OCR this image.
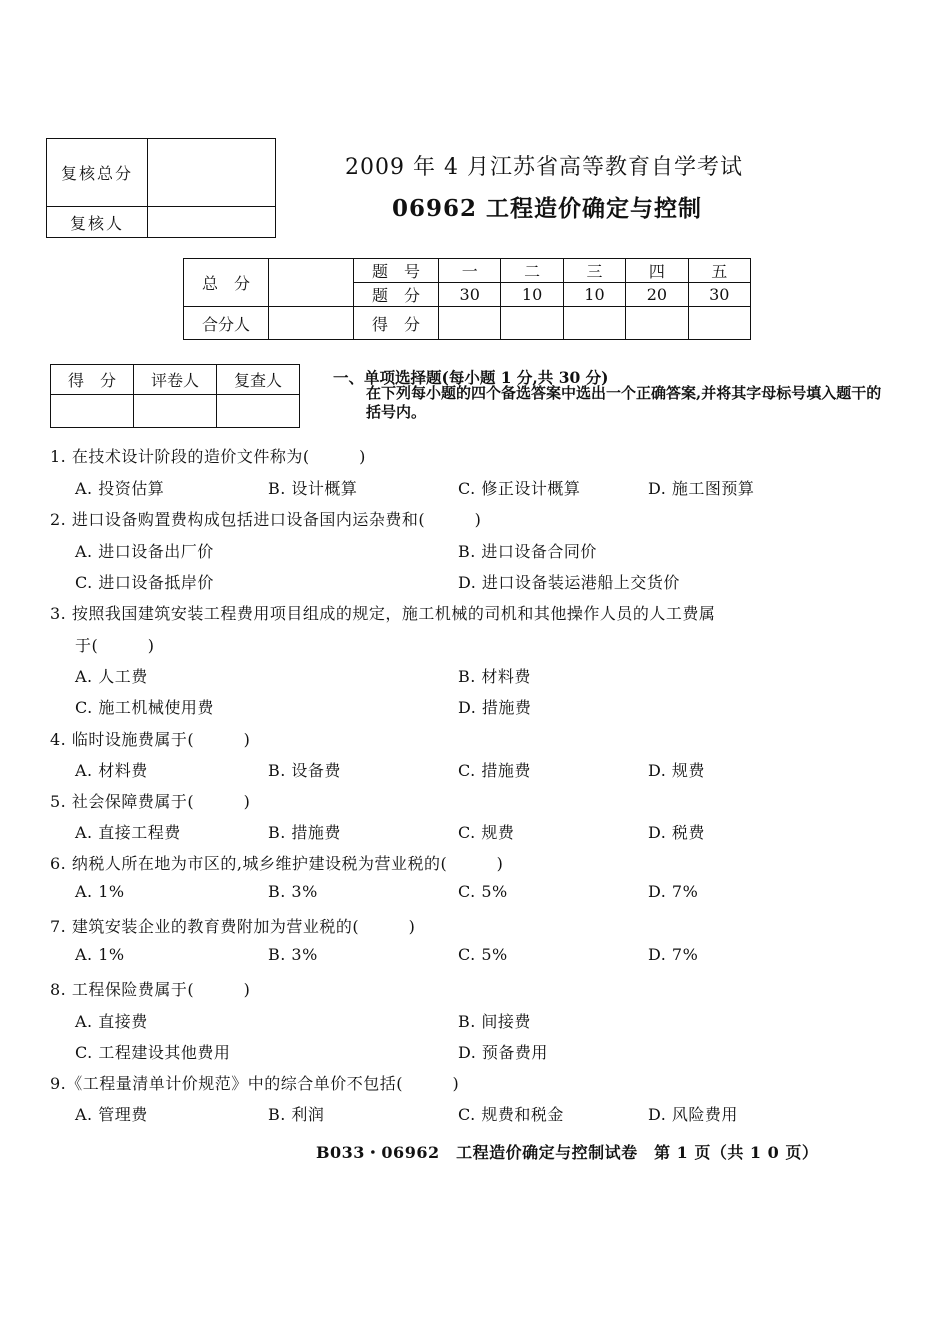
复核总分	
复核人	
2009 年 4 月江苏省高等教育自学考试
06962 工程造价确定与控制
总　分		题　号	一	二	三	四	五
		题　分	30	10	10	20	30
合分人		得　分					
得　分	评卷人	复查人
			一、单项选择题(每小题 1 分,共 30 分)
在下列每小题的四个备选答案中选出一个正确答案,并将其字母标号填入题干的括号内。
1. 在技术设计阶段的造价文件称为(　　　)
A. 投资估算	B. 设计概算	C. 修正设计概算	D. 施工图预算
2. 进口设备购置费构成包括进口设备国内运杂费和(　　　)
A. 进口设备出厂价	B. 进口设备合同价
C. 进口设备抵岸价	D. 进口设备装运港船上交货价
3. 按照我国建筑安装工程费用项目组成的规定，施工机械的司机和其他操作人员的人工费属
于(　　　)
A. 人工费	B. 材料费
C. 施工机械使用费	D. 措施费
4. 临时设施费属于(　　　)
A. 材料费	B. 设备费	C. 措施费	D. 规费
5. 社会保障费属于(　　　)
A. 直接工程费	B. 措施费	C. 规费	D. 税费
6. 纳税人所在地为市区的,城乡维护建设税为营业税的(　　　)
A. 1%	B. 3%	C. 5%	D. 7%
7. 建筑安装企业的教育费附加为营业税的(　　　)
A. 1%	B. 3%	C. 5%	D. 7%
8. 工程保险费属于(　　　)
A. 直接费	B. 间接费
C. 工程建设其他费用	D. 预备费用
9.《工程量清单计价规范》中的综合单价不包括(　　　)
A. 管理费	B. 利润	C. 规费和税金	D. 风险费用
B033・06962　工程造价确定与控制试卷　第 1 页（共 1 0 页）
